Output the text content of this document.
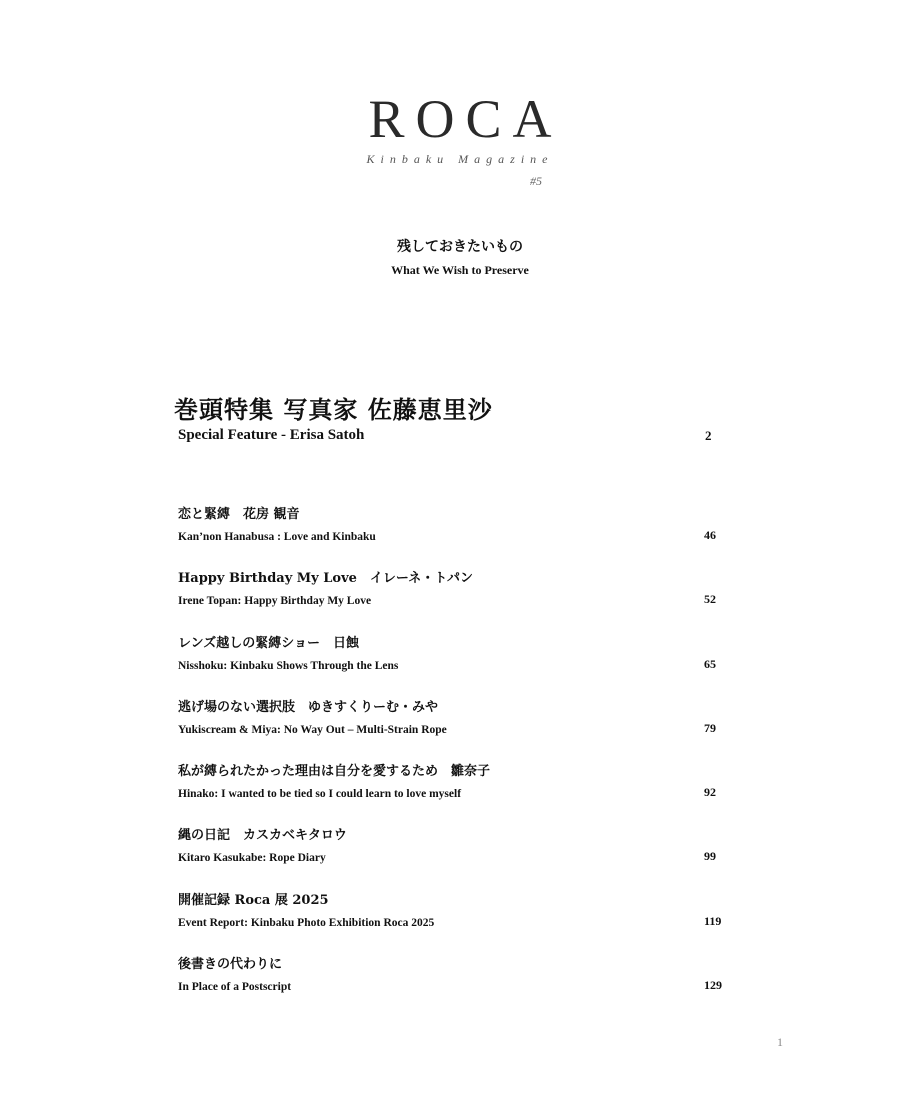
ROCA
Kinbaku Magazine
#5
残しておきたいもの
What We Wish to Preserve
巻頭特集 写真家 佐藤恵里沙
Special Feature - Erisa Satoh	2
恋と緊縛　花房 観音
Kan’non Hanabusa : Love and Kinbaku	46
Happy Birthday My Love　イレーネ・トパン
Irene Topan: Happy Birthday My Love	52
レンズ越しの緊縛ショー　日蝕
Nisshoku: Kinbaku Shows Through the Lens	65
逃げ場のない選択肢　ゆきすくりーむ・みや
Yukiscream & Miya: No Way Out – Multi-Strain Rope	79
私が縛られたかった理由は自分を愛するため　雛奈子
Hinako: I wanted to be tied so I could learn to love myself	92
縄の日記　カスカベキタロウ
Kitaro Kasukabe: Rope Diary	99
開催記録 Roca 展 2025
Event Report: Kinbaku Photo Exhibition Roca 2025	119
後書きの代わりに
In Place of a Postscript	129
1
